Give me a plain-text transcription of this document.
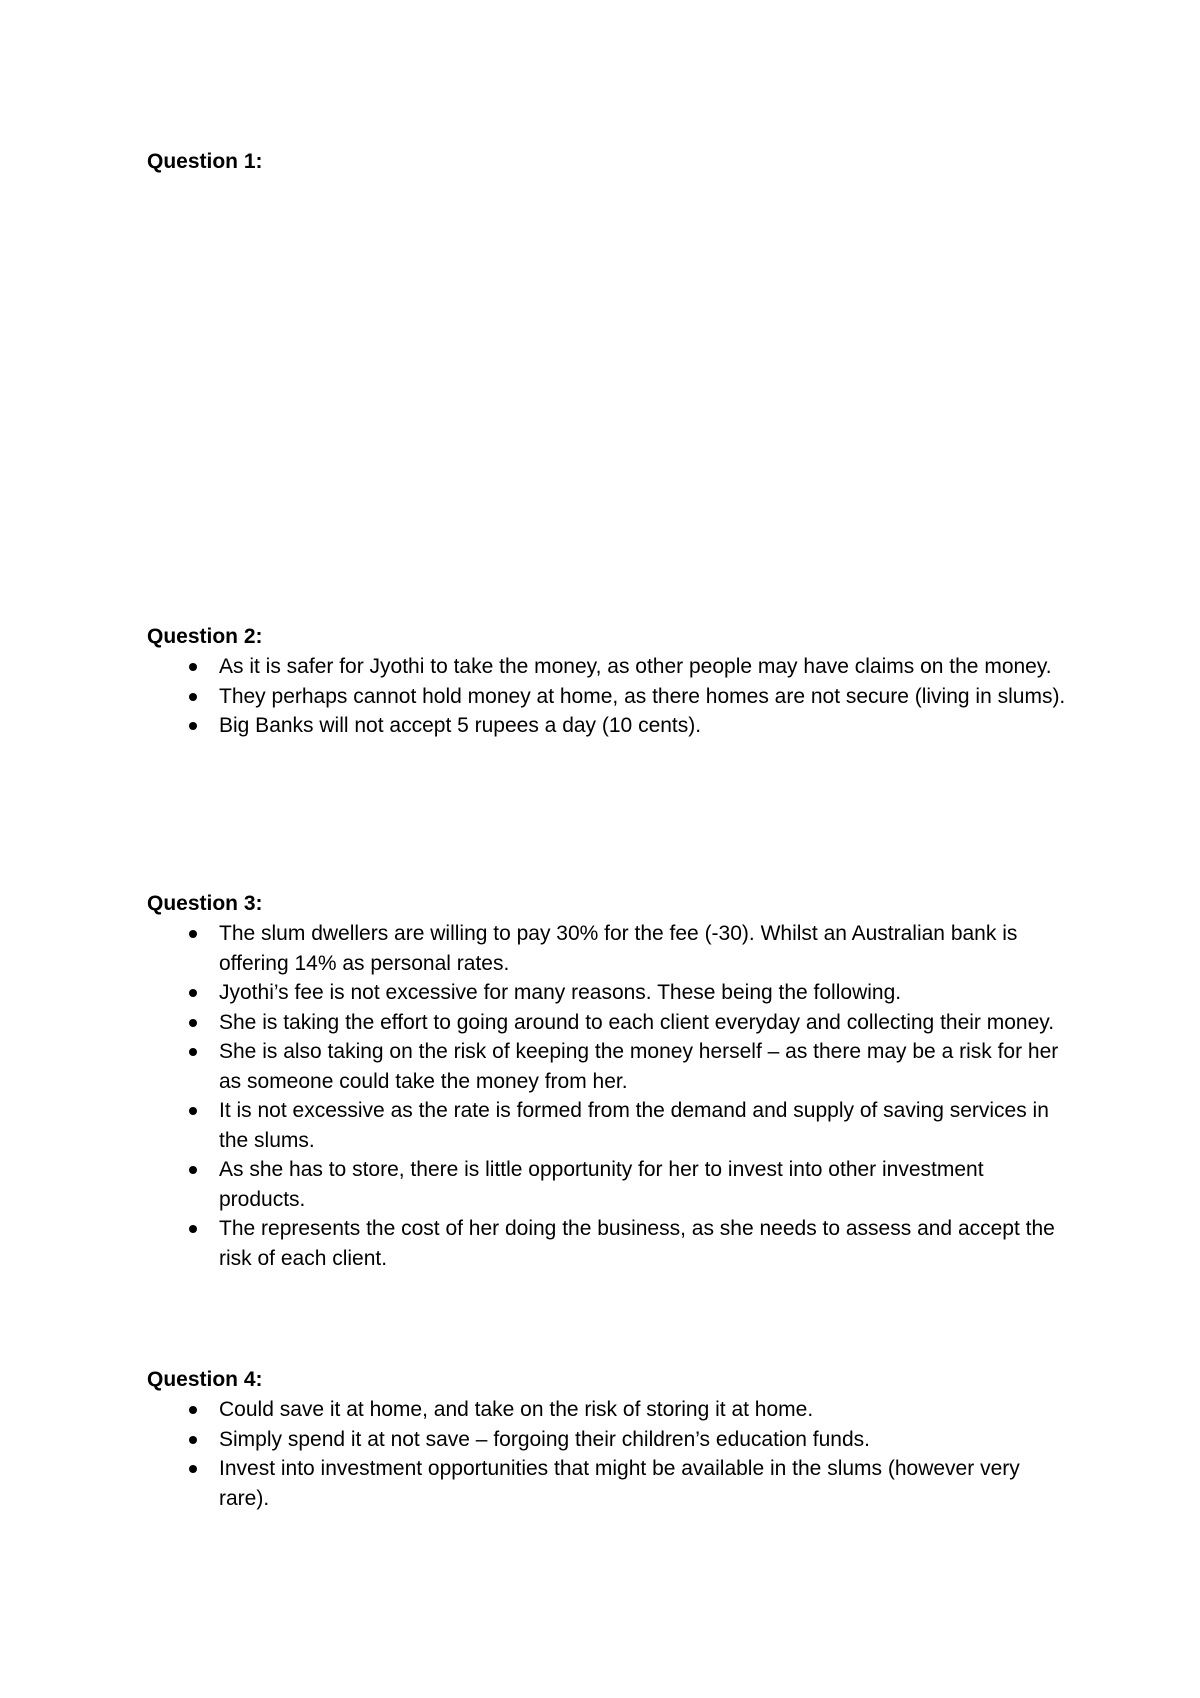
Question 1:

Question 2:

As it is safer for Jyothi to take the money, as other people may have claims on the money.
They perhaps cannot hold money at home, as there homes are not secure (living in slums).
Big Banks will not accept 5 rupees a day (10 cents).

Question 3:

The slum dwellers are willing to pay 30% for the fee (-30). Whilst an Australian bank is offering 14% as personal rates.
Jyothi’s fee is not excessive for many reasons. These being the following.
She is taking the effort to going around to each client everyday and collecting their money.
She is also taking on the risk of keeping the money herself – as there may be a risk for her as someone could take the money from her.
It is not excessive as the rate is formed from the demand and supply of saving services in the slums.
As she has to store, there is little opportunity for her to invest into other investment products.
The represents the cost of her doing the business, as she needs to assess and accept the risk of each client.

Question 4:

Could save it at home, and take on the risk of storing it at home.
Simply spend it at not save – forgoing their children’s education funds.
Invest into investment opportunities that might be available in the slums (however very rare).
